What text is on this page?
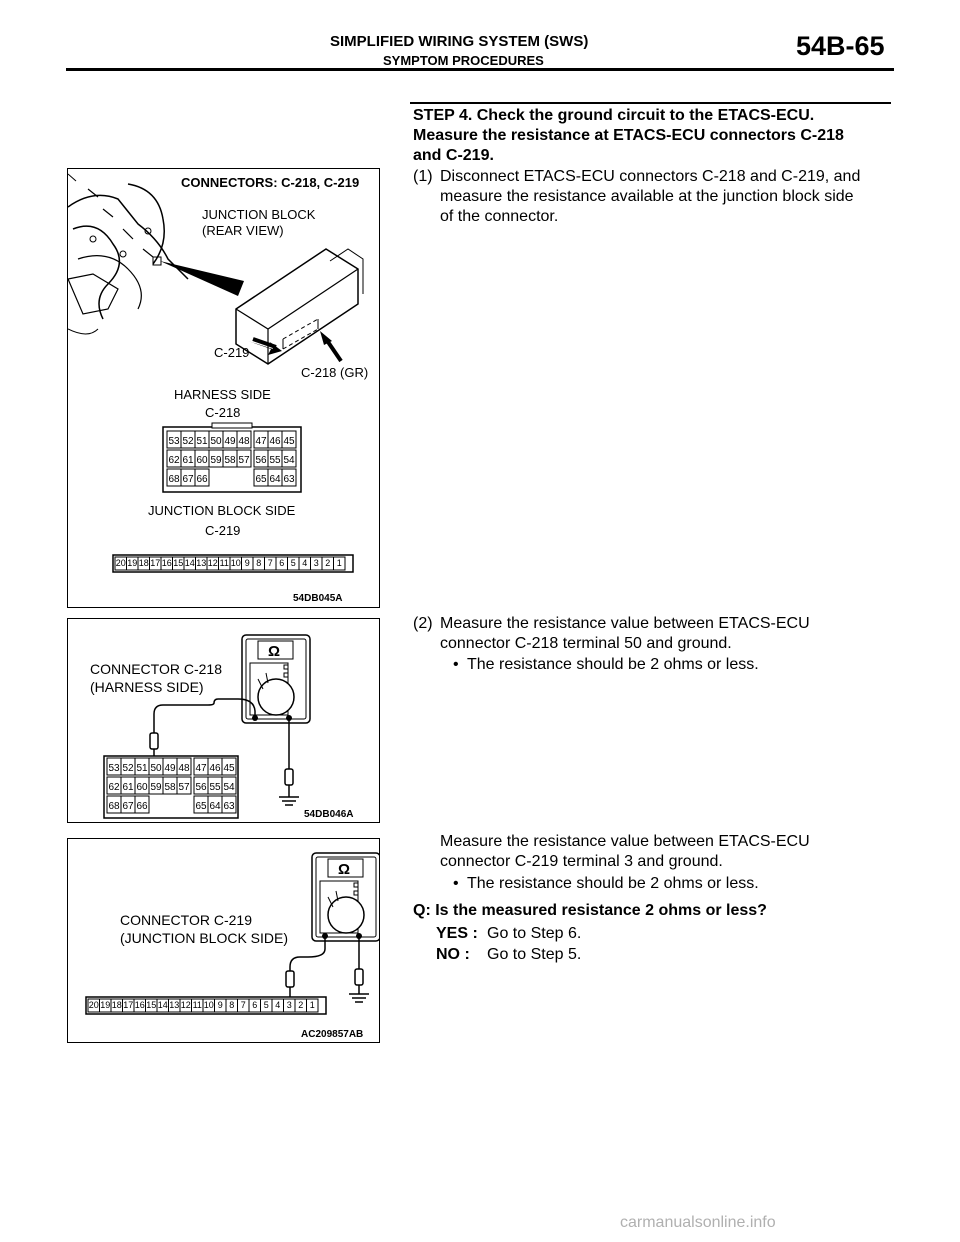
SIMPLIFIED WIRING SYSTEM (SWS)
SYMPTOM PROCEDURES	54B-65
STEP 4. Check the ground circuit to the ETACS-ECU.
Measure the resistance at ETACS-ECU connectors C-218
and C-219.
(1) Disconnect ETACS-ECU connectors C-218 and C-219, and
measure the resistance available at the junction block side
of the connector.
(2) Measure the resistance value between ETACS-ECU
connector C-218 terminal 50 and ground.
• The resistance should be 2 ohms or less.
Measure the resistance value between ETACS-ECU
connector C-219 terminal 3 and ground.
• The resistance should be 2 ohms or less.
Q: Is the measured resistance 2 ohms or less?
YES : Go to Step 6.
NO : Go to Step 5.
53 52 51 50 49 48 47 46 45
62 61 60 59 58 57 56 55 54
68 67 66	65 64 63
20 19 18 17 16 15 14 13 12 11 10 9 8 7 6 5 4 3 2 1
CONNECTORS: C-218, C-219
JUNCTION BLOCK
(REAR VIEW)
C-219
C-218 (GR)
HARNESS SIDE
C-218
JUNCTION BLOCK SIDE
C-219
54DB045A
Ω
53 52 51 50 49 48 47 46 45
62 61 60 59 58 57 56 55 54
68 67 66	65 64 63
CONNECTOR C-218
(HARNESS SIDE)
54DB046A
Ω
20 19 18 17 16 15 14 13 12 11 10 9 8 7 6 5 4 3 2 1
CONNECTOR C-219
(JUNCTION BLOCK SIDE)
AC209857AB
carmanualsonline.info
